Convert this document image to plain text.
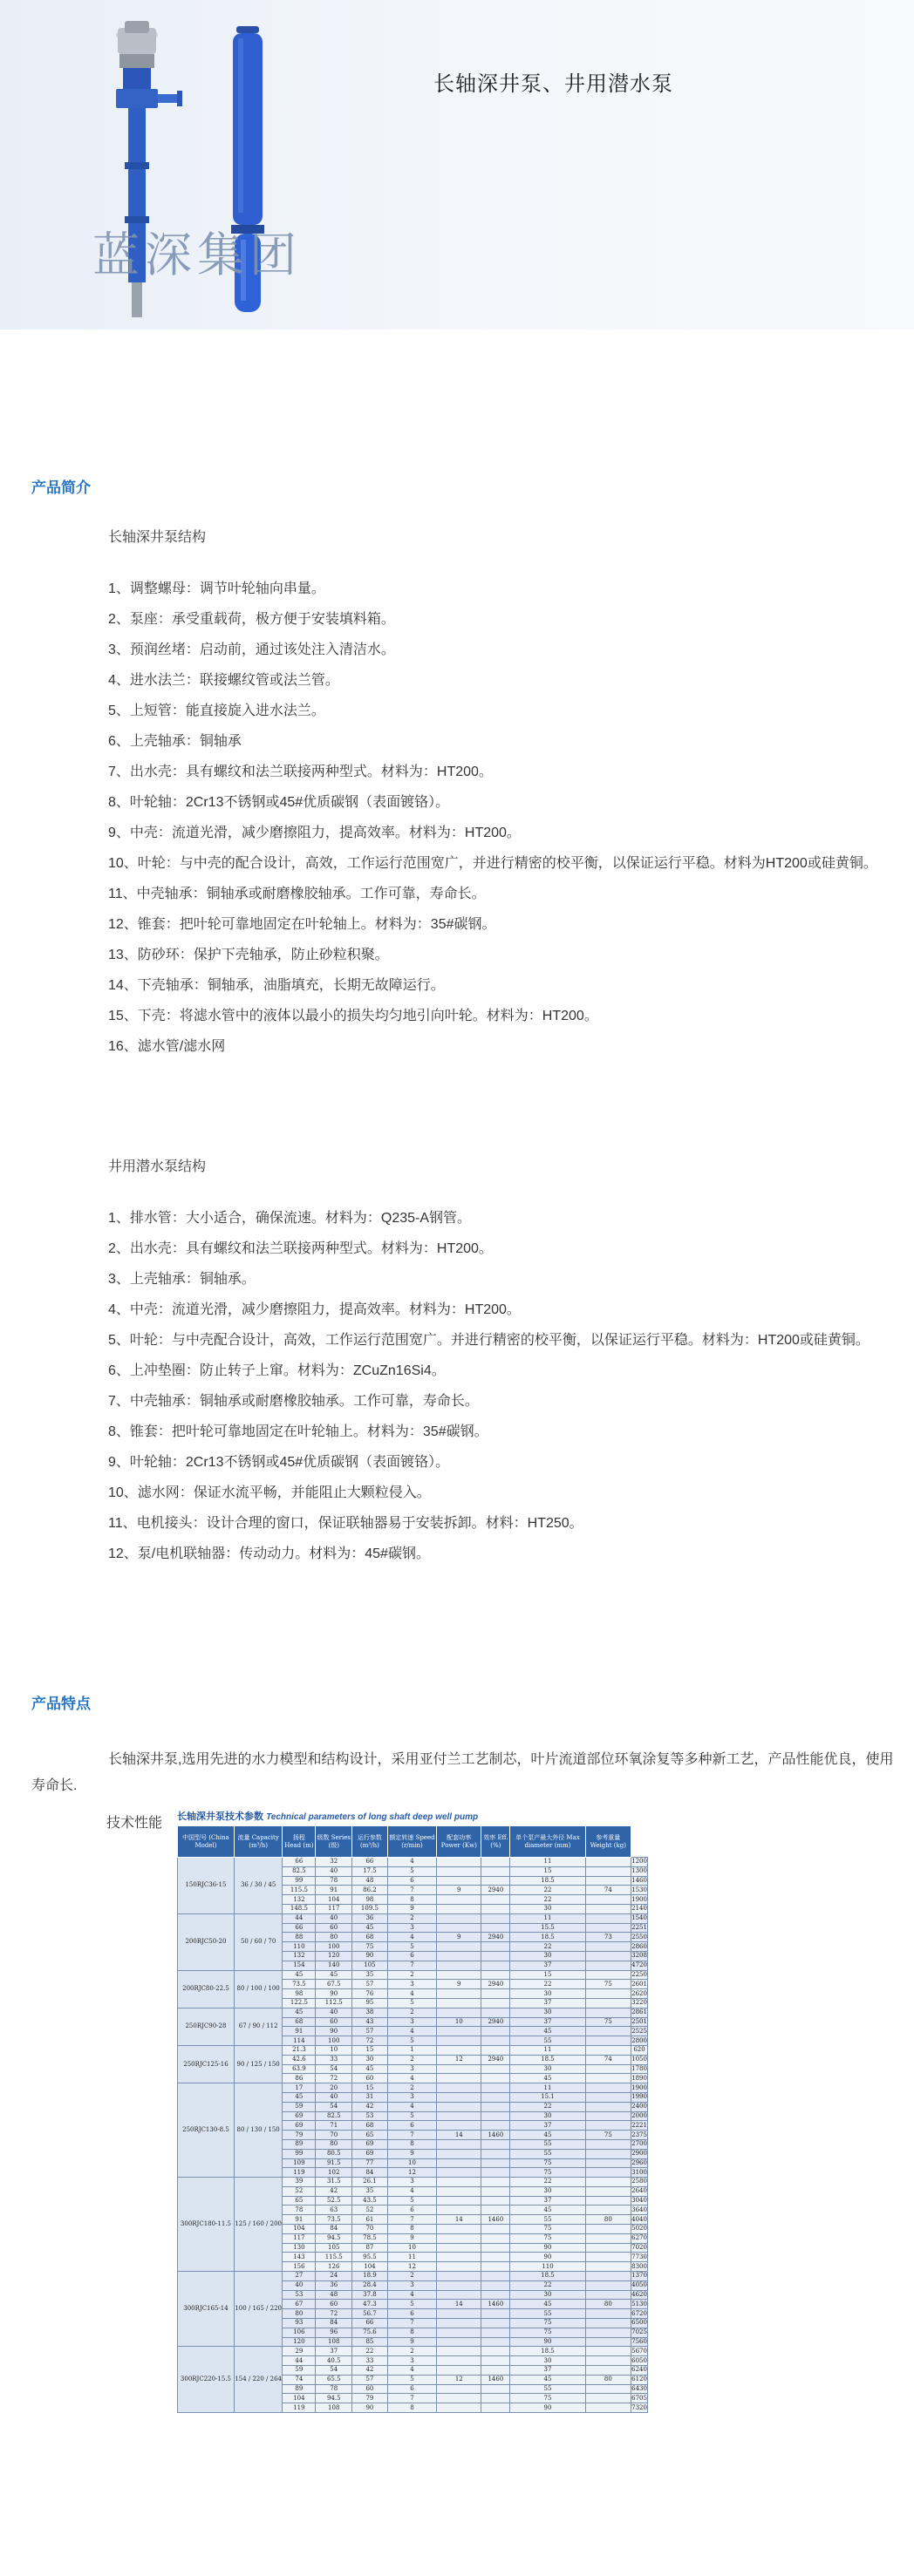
蓝深集团
长轴深井泵、井用潜水泵
产品简介
长轴深井泵结构
1、调整螺母：调节叶轮轴向串量。
2、泵座：承受重载荷，极方便于安装填料箱。
3、预润丝堵：启动前，通过该处注入清洁水。
4、进水法兰：联接螺纹管或法兰管。
5、上短管：能直接旋入进水法兰。
6、上壳轴承：铜轴承
7、出水壳：具有螺纹和法兰联接两种型式。材料为：HT200。
8、叶轮轴：2Cr13不锈钢或45#优质碳钢（表面镀铬）。
9、中壳：流道光滑，减少磨擦阻力，提高效率。材料为：HT200。
10、叶轮：与中壳的配合设计，高效，工作运行范围宽广，并进行精密的校平衡，以保证运行平稳。材料为HT200或硅黄铜。
11、中壳轴承：铜轴承或耐磨橡胶轴承。工作可靠，寿命长。
12、锥套：把叶轮可靠地固定在叶轮轴上。材料为：35#碳钢。
13、防砂环：保护下壳轴承，防止砂粒积聚。
14、下壳轴承：铜轴承，油脂填充，长期无故障运行。
15、下壳：将滤水管中的液体以最小的损失均匀地引向叶轮。材料为：HT200。
16、滤水管/滤水网
井用潜水泵结构
1、排水管：大小适合，确保流速。材料为：Q235-A钢管。
2、出水壳：具有螺纹和法兰联接两种型式。材料为：HT200。
3、上壳轴承：铜轴承。
4、中壳：流道光滑，减少磨擦阻力，提高效率。材料为：HT200。
5、叶轮：与中壳配合设计，高效，工作运行范围宽广。并进行精密的校平衡，以保证运行平稳。材料为：HT200或硅黄铜。
6、上冲垫圈：防止转子上窜。材料为：ZCuZn16Si4。
7、中壳轴承：铜轴承或耐磨橡胶轴承。工作可靠，寿命长。
8、锥套：把叶轮可靠地固定在叶轮轴上。材料为：35#碳钢。
9、叶轮轴：2Cr13不锈钢或45#优质碳钢（表面镀铬）。
10、滤水网：保证水流平畅，并能阻止大颗粒侵入。
11、电机接头：设计合理的窗口，保证联轴器易于安装拆卸。材料：HT250。
12、泵/电机联轴器：传动动力。材料为：45#碳钢。
产品特点
长轴深井泵,选用先进的水力模型和结构设计，采用亚付兰工艺制芯，叶片流道部位环氧涂复等多种新工艺，产品性能优良，使用寿命长.
技术性能 长轴深井泵技术参数 Technical parameters of long shaft deep well pump
中国型号 (China Model)	流量 Capacity (m³/h)	扬程 Head (m)	级数 Series (级)	运行参数 (m³/h)	额定转速 Speed (r/min)	配套功率 Power (Kw)	效率 Eff. (%)	单个泵产最大外径 Max diameter (mm)	参考重量 Weight (kg)	
150RJC36-15	36 / 30 / 45	66	32	66	4			11		1200
		82.5	40	17.5	5			15		1300
		99	78	48	6			18.5		1460
		115.5	91	86.2	7	9	2940	22	74	1530
		132	104	98	8			22		1900
		148.5	117	109.5	9			30		2140
200RJC50-20	50 / 60 / 70	44	40	36	2			11		1540
		66	60	45	3			15.5		2251
		88	80	68	4	9	2940	18.5	73	2550
		110	100	75	5			22		2860
		132	120	90	6			30		3208
		154	140	105	7			37		4720
200RJC80-22.5	80 / 100 / 100	45	45	35	2			15		2250
		73.5	67.5	57	3	9	2940	22	75	2601
		98	90	76	4			30		2620
		122.5	112.5	95	5			37		3220
250RJC90-28	67 / 90 / 112	45	40	38	2			30		2861
		68	60	43	3	10	2940	37	75	2501
		91	90	57	4			45		2525
		114	100	72	5			55		2800
250RJC125-16	90 / 125 / 150	21.3	10	15	1			11		620
		42.6	33	30	2	12	2940	18.5	74	1050
		63.9	54	45	3			30		1780
		86	72	60	4			45		1890
250RJC130-8.5	80 / 130 / 150	17	20	15	2			11		1900
		45	40	31	3			15.1		1990
		59	54	42	4			22		2400
		69	82.5	53	5			30		2000
		69	71	68	6			37		2221
		79	70	65	7	14	1460	45	75	2375
		89	80	69	8			55		2700
		99	80.5	69	9			55		2900
		109	91.5	77	10			75		2960
		119	102	84	12			75		3100
300RJC180-11.5	125 / 160 / 200	39	31.5	26.1	3			22		2580
		52	42	35	4			30		2640
		65	52.5	43.5	5			37		3040
		78	63	52	6			45		3640
		91	73.5	61	7	14	1460	55	80	4040
		104	84	70	8			75		5020
		117	94.5	78.5	9			75		6270
		130	105	87	10			90		7020
		143	115.5	95.5	11			90		7730
		156	126	104	12			110		8300
300RJC165-14	100 / 165 / 220	27	24	18.9	2			18.5		1370
		40	36	28.4	3			22		4050
		53	48	37.8	4			30		4620
		67	60	47.3	5	14	1460	45	80	5130
		80	72	56.7	6			55		6720
		93	84	66	7			75		6500
		106	96	75.6	8			75		7025
		120	108	85	9			90		7560
300RJC220-15.5	154 / 220 / 264	29	37	22	2			18.5		5670
		44	40.5	33	3			30		6050
		59	54	42	4			37		6240
		74	65.5	57	5	12	1460	45	80	6120
		89	78	60	6			55		6430
		104	94.5	79	7			75		6705
		119	108	90	8			90		7320
